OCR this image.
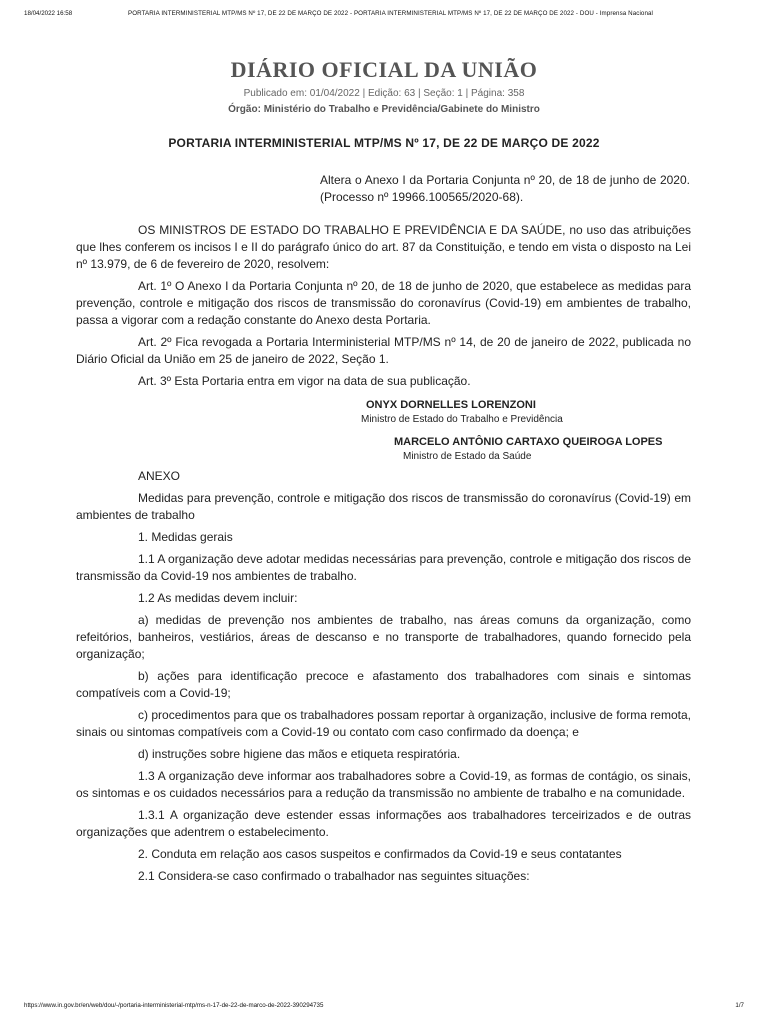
18/04/2022 16:58	PORTARIA INTERMINISTERIAL MTP/MS Nº 17, DE 22 DE MARÇO DE 2022 - PORTARIA INTERMINISTERIAL MTP/MS Nº 17, DE 22 DE MARÇO DE 2022 - DOU - Imprensa Nacional
DIÁRIO OFICIAL DA UNIÃO
Publicado em: 01/04/2022 | Edição: 63 | Seção: 1 | Página: 358
Órgão: Ministério do Trabalho e Previdência/Gabinete do Ministro
PORTARIA INTERMINISTERIAL MTP/MS Nº 17, DE 22 DE MARÇO DE 2022
Altera o Anexo I da Portaria Conjunta nº 20, de 18 de junho de 2020. (Processo nº 19966.100565/2020-68).

OS MINISTROS DE ESTADO DO TRABALHO E PREVIDÊNCIA E DA SAÚDE, no uso das atribuições que lhes conferem os incisos I e II do parágrafo único do art. 87 da Constituição, e tendo em vista o disposto na Lei nº 13.979, de 6 de fevereiro de 2020, resolvem:

Art. 1º O Anexo I da Portaria Conjunta nº 20, de 18 de junho de 2020, que estabelece as medidas para prevenção, controle e mitigação dos riscos de transmissão do coronavírus (Covid-19) em ambientes de trabalho, passa a vigorar com a redação constante do Anexo desta Portaria.

Art. 2º Fica revogada a Portaria Interministerial MTP/MS nº 14, de 20 de janeiro de 2022, publicada no Diário Oficial da União em 25 de janeiro de 2022, Seção 1.

Art. 3º Esta Portaria entra em vigor na data de sua publicação.

ONYX DORNELLES LORENZONI

Ministro de Estado do Trabalho e Previdência

MARCELO ANTÔNIO CARTAXO QUEIROGA LOPES

Ministro de Estado da Saúde

ANEXO

Medidas para prevenção, controle e mitigação dos riscos de transmissão do coronavírus (Covid-19) em ambientes de trabalho

1. Medidas gerais

1.1 A organização deve adotar medidas necessárias para prevenção, controle e mitigação dos riscos de transmissão da Covid-19 nos ambientes de trabalho.

1.2 As medidas devem incluir:

a) medidas de prevenção nos ambientes de trabalho, nas áreas comuns da organização, como refeitórios, banheiros, vestiários, áreas de descanso e no transporte de trabalhadores, quando fornecido pela organização;

b) ações para identificação precoce e afastamento dos trabalhadores com sinais e sintomas compatíveis com a Covid-19;

c) procedimentos para que os trabalhadores possam reportar à organização, inclusive de forma remota, sinais ou sintomas compatíveis com a Covid-19 ou contato com caso confirmado da doença; e

d) instruções sobre higiene das mãos e etiqueta respiratória.

1.3 A organização deve informar aos trabalhadores sobre a Covid-19, as formas de contágio, os sinais, os sintomas e os cuidados necessários para a redução da transmissão no ambiente de trabalho e na comunidade.

1.3.1 A organização deve estender essas informações aos trabalhadores terceirizados e de outras organizações que adentrem o estabelecimento.

2. Conduta em relação aos casos suspeitos e confirmados da Covid-19 e seus contatantes

2.1 Considera-se caso confirmado o trabalhador nas seguintes situações:

https://www.in.gov.br/en/web/dou/-/portaria-interministerial-mtp/ms-n-17-de-22-de-marco-de-2022-390294735	1/7
